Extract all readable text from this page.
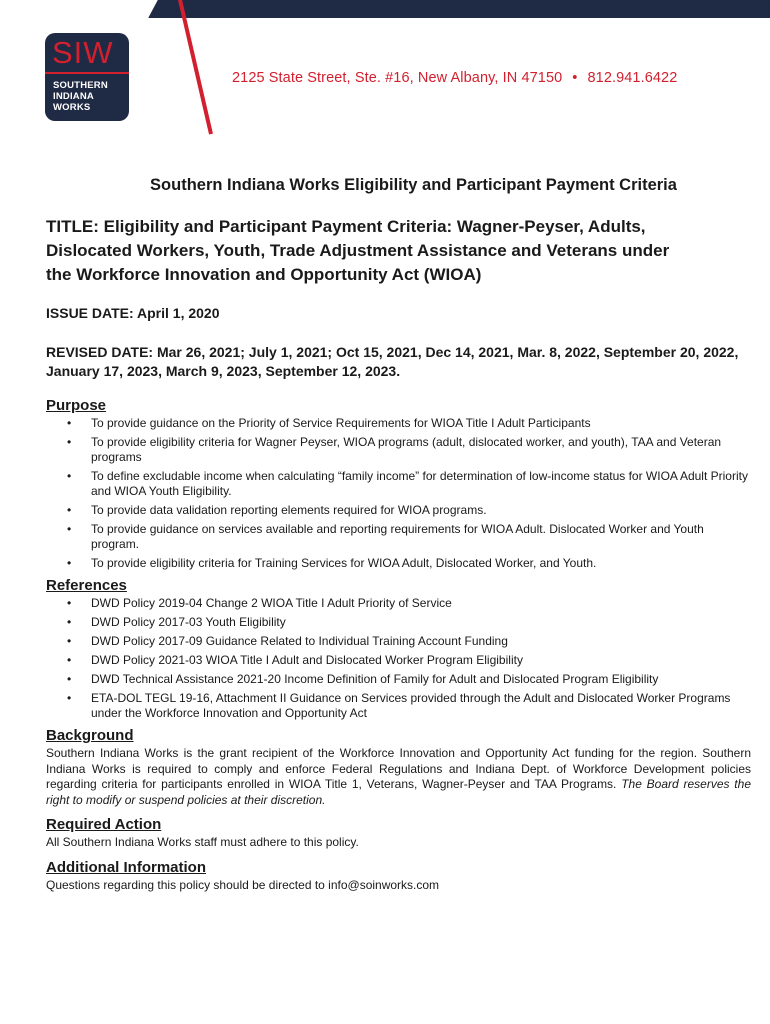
SIW
SOUTHERN
INDIANA
WORKS
2125 State Street, Ste. #16, New Albany, IN 47150 • 812.941.6422
Southern Indiana Works Eligibility and Participant Payment Criteria
TITLE: Eligibility and Participant Payment Criteria: Wagner-Peyser, Adults,
Dislocated Workers, Youth, Trade Adjustment Assistance and Veterans under
the Workforce Innovation and Opportunity Act (WIOA)
ISSUE DATE: April 1, 2020
REVISED DATE: Mar 26, 2021; July 1, 2021; Oct 15, 2021, Dec 14, 2021, Mar. 8, 2022, September 20, 2022, January 17, 2023, March 9, 2023, September 12, 2023.
Purpose
• To provide guidance on the Priority of Service Requirements for WIOA Title I Adult Participants
• To provide eligibility criteria for Wagner Peyser, WIOA programs (adult, dislocated worker, and youth), TAA and Veteran programs
• To define excludable income when calculating “family income” for determination of low-income status for WIOA Adult Priority and WIOA Youth Eligibility.
• To provide data validation reporting elements required for WIOA programs.
• To provide guidance on services available and reporting requirements for WIOA Adult. Dislocated Worker and Youth program.
• To provide eligibility criteria for Training Services for WIOA Adult, Dislocated Worker, and Youth.
References
• DWD Policy 2019-04 Change 2 WIOA Title I Adult Priority of Service
• DWD Policy 2017-03 Youth Eligibility
• DWD Policy 2017-09 Guidance Related to Individual Training Account Funding
• DWD Policy 2021-03 WIOA Title I Adult and Dislocated Worker Program Eligibility
• DWD Technical Assistance 2021-20 Income Definition of Family for Adult and Dislocated Program Eligibility
• ETA-DOL TEGL 19-16, Attachment II Guidance on Services provided through the Adult and Dislocated Worker Programs under the Workforce Innovation and Opportunity Act
Background
Southern Indiana Works is the grant recipient of the Workforce Innovation and Opportunity Act funding for the region. Southern Indiana Works is required to comply and enforce Federal Regulations and Indiana Dept. of Workforce Development policies regarding criteria for participants enrolled in WIOA Title 1, Veterans, Wagner-Peyser and TAA Programs. The Board reserves the right to modify or suspend policies at their discretion.
Required Action
All Southern Indiana Works staff must adhere to this policy.
Additional Information
Questions regarding this policy should be directed to info@soinworks.com
